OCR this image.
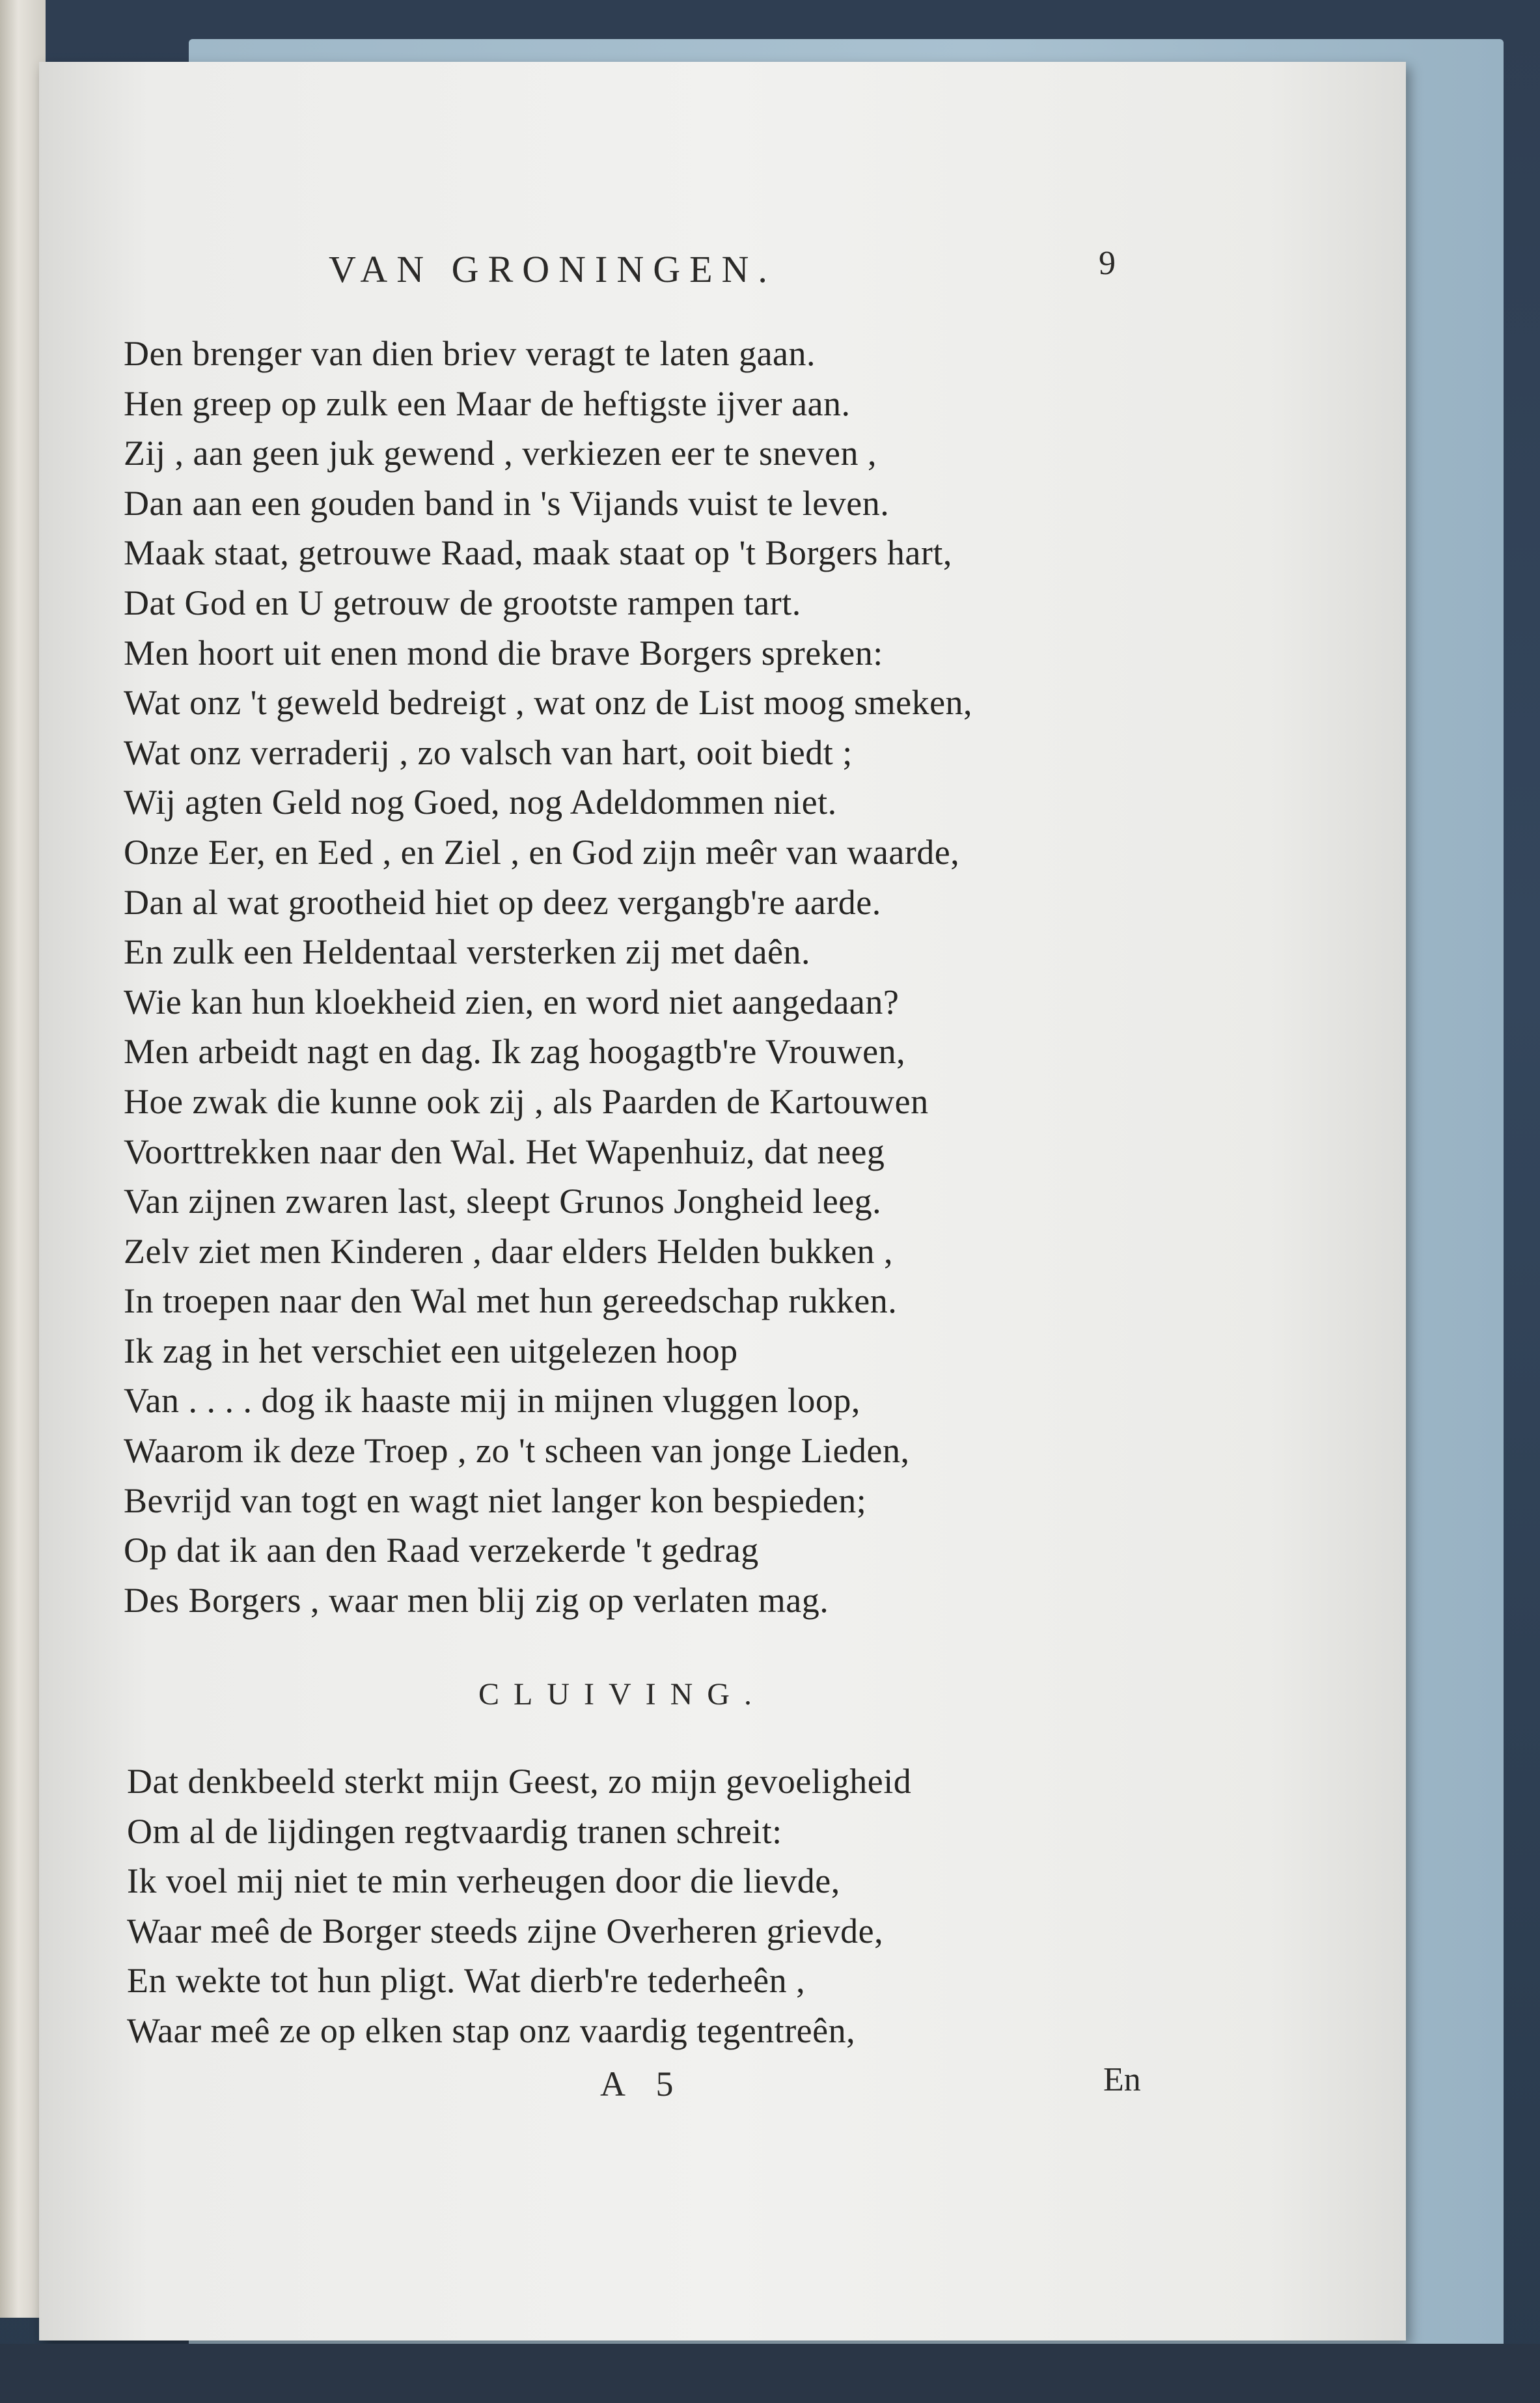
VAN GRONINGEN.	9
Den brenger van dien briev veragt te laten gaan.
Hen greep op zulk een Maar de heftigste ijver aan.
Zij , aan geen juk gewend , verkiezen eer te sneven ,
Dan aan een gouden band in 's Vijands vuist te leven.
Maak staat, getrouwe Raad, maak staat op 't Borgers hart,
Dat God en U getrouw de grootste rampen tart.
Men hoort uit enen mond die brave Borgers spreken:
Wat onz 't geweld bedreigt , wat onz de List moog smeken,
Wat onz verraderij , zo valsch van hart, ooit biedt ;
Wij agten Geld nog Goed, nog Adeldommen niet.
Onze Eer, en Eed , en Ziel , en God zijn meêr van waarde,
Dan al wat grootheid hiet op deez vergangb're aarde.
En zulk een Heldentaal versterken zij met daên.
Wie kan hun kloekheid zien, en word niet aangedaan?
Men arbeidt nagt en dag. Ik zag hoogagtb're Vrouwen,
Hoe zwak die kunne ook zij , als Paarden de Kartouwen
Voorttrekken naar den Wal. Het Wapenhuiz, dat neeg
Van zijnen zwaren last, sleept Grunos Jongheid leeg.
Zelv ziet men Kinderen , daar elders Helden bukken ,
In troepen naar den Wal met hun gereedschap rukken.
Ik zag in het verschiet een uitgelezen hoop
Van . . . . dog ik haaste mij in mijnen vluggen loop,
Waarom ik deze Troep , zo 't scheen van jonge Lieden,
Bevrijd van togt en wagt niet langer kon bespieden;
Op dat ik aan den Raad verzekerde 't gedrag
Des Borgers , waar men blij zig op verlaten mag.
CLUIVING.
Dat denkbeeld sterkt mijn Geest, zo mijn gevoeligheid
Om al de lijdingen regtvaardig tranen schreit:
Ik voel mij niet te min verheugen door die lievde,
Waar meê de Borger steeds zijne Overheren grievde,
En wekte tot hun pligt. Wat dierb're tederheên ,
Waar meê ze op elken stap onz vaardig tegentreên,
A 5	En
